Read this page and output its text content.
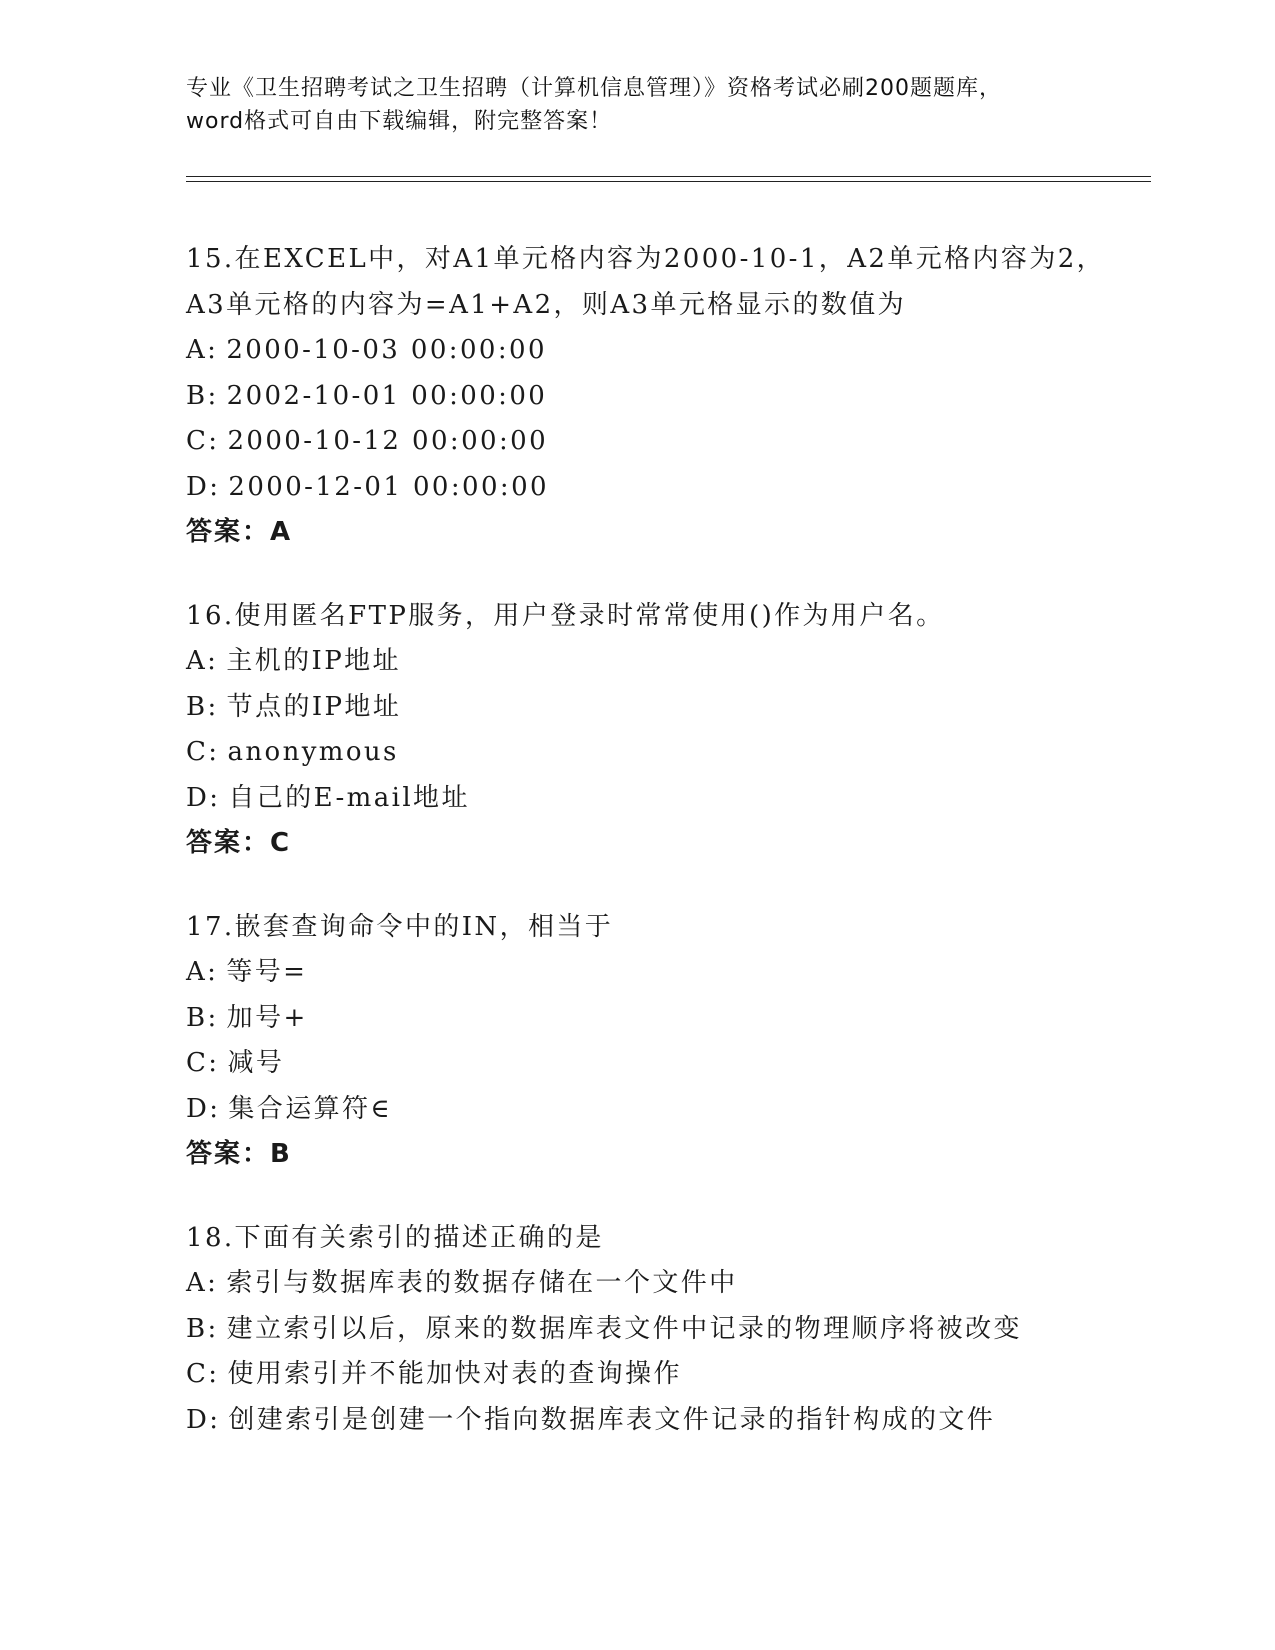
专业《卫生招聘考试之卫生招聘（计算机信息管理）》资格考试必刷200题题库，
word格式可自由下载编辑，附完整答案！
15.在EXCEL中，对A1单元格内容为2000-10-1，A2单元格内容为2，
A3单元格的内容为=A1+A2，则A3单元格显示的数值为
A: 2000-10-03 00:00:00
B: 2002-10-01 00:00:00
C: 2000-10-12 00:00:00
D: 2000-12-01 00:00:00
答案：A
16.使用匿名FTP服务，用户登录时常常使用()作为用户名。
A: 主机的IP地址
B: 节点的IP地址
C: anonymous
D: 自己的E-mail地址
答案：C
17.嵌套查询命令中的IN，相当于
A: 等号=
B: 加号+
C: 减号
D: 集合运算符∈
答案：B
18.下面有关索引的描述正确的是
A: 索引与数据库表的数据存储在一个文件中
B: 建立索引以后，原来的数据库表文件中记录的物理顺序将被改变
C: 使用索引并不能加快对表的查询操作
D: 创建索引是创建一个指向数据库表文件记录的指针构成的文件
